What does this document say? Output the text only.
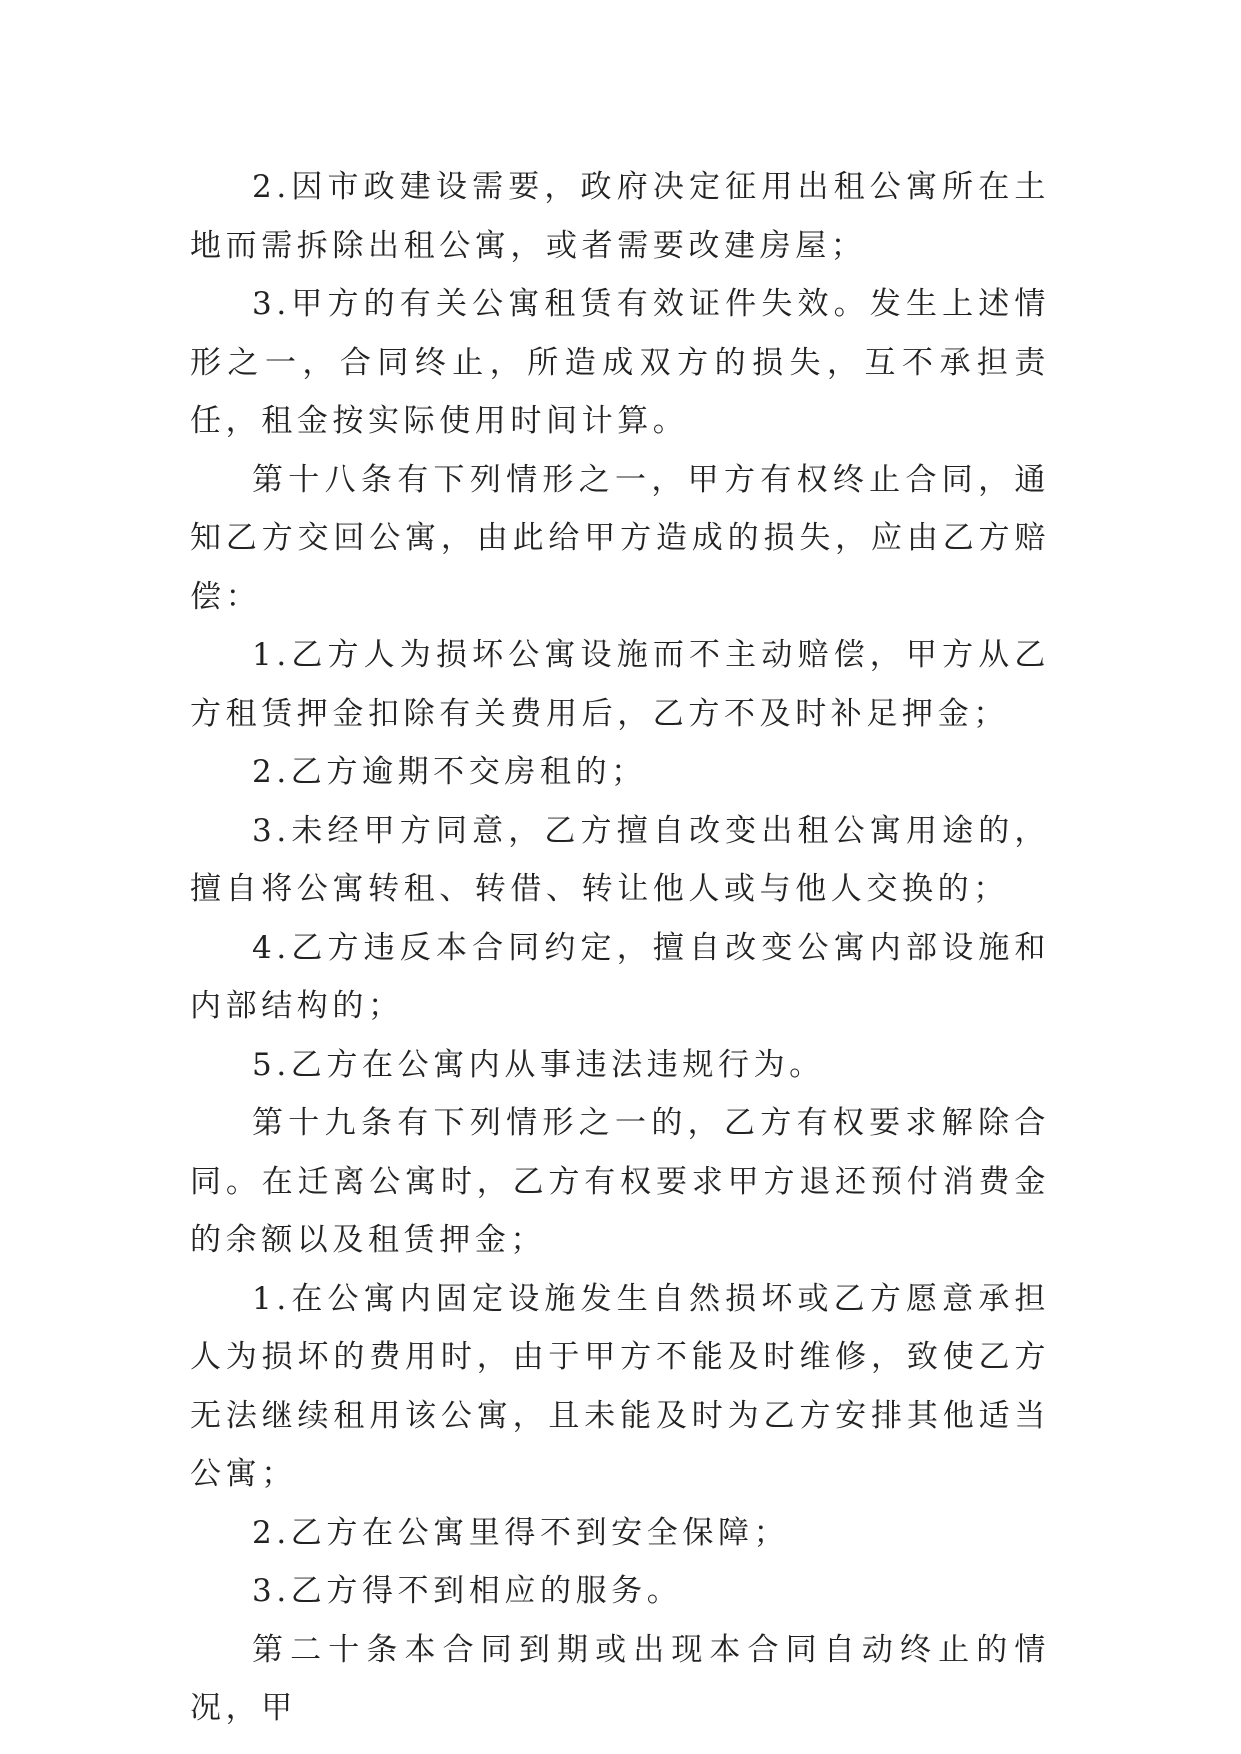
2.因市政建设需要，政府决定征用出租公寓所在土地而需拆除出租公寓，或者需要改建房屋；

3.甲方的有关公寓租赁有效证件失效。发生上述情形之一，合同终止，所造成双方的损失，互不承担责任，租金按实际使用时间计算。

第十八条有下列情形之一，甲方有权终止合同，通知乙方交回公寓，由此给甲方造成的损失，应由乙方赔偿：

1.乙方人为损坏公寓设施而不主动赔偿，甲方从乙方租赁押金扣除有关费用后，乙方不及时补足押金；

2.乙方逾期不交房租的；

3.未经甲方同意，乙方擅自改变出租公寓用途的，擅自将公寓转租、转借、转让他人或与他人交换的；

4.乙方违反本合同约定，擅自改变公寓内部设施和内部结构的；

5.乙方在公寓内从事违法违规行为。

第十九条有下列情形之一的，乙方有权要求解除合同。在迁离公寓时，乙方有权要求甲方退还预付消费金的余额以及租赁押金；

1.在公寓内固定设施发生自然损坏或乙方愿意承担人为损坏的费用时，由于甲方不能及时维修，致使乙方无法继续租用该公寓，且未能及时为乙方安排其他适当公寓；

2.乙方在公寓里得不到安全保障；

3.乙方得不到相应的服务。

第二十条本合同到期或出现本合同自动终止的情况，甲
